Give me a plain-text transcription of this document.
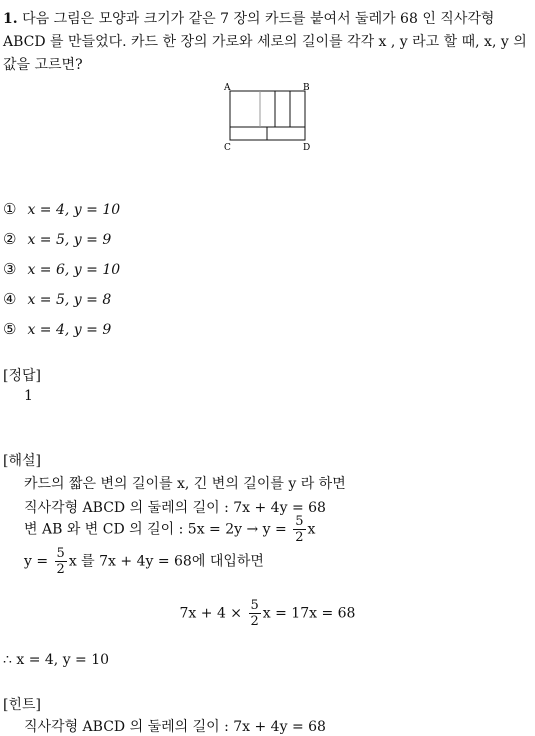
1. 다음 그림은 모양과 크기가 같은 7 장의 카드를 붙여서 둘레가 68 인 직사각형 ABCD 를 만들었다. 카드 한 장의 가로와 세로의 길이를 각각 x , y 라고 할 때, x, y 의 값을 고르면?
A	B
C	D
① x = 4, y = 10
② x = 5, y = 9
③ x = 6, y = 10
④ x = 5, y = 8
⑤ x = 4, y = 9
[정답]
1
[해설]
카드의 짧은 변의 길이를 x, 긴 변의 길이를 y 라 하면
직사각형 ABCD 의 둘레의 길이 : 7x + 4y = 68
변 AB 와 변 CD 의 길이 : $5x = 2y \to y = \frac{5}{2}$ x
$y = \frac{5}{2}$ x 를 7x + 4y = 68에 대입하면
$7x + 4 \times \frac{5}{2}$ x = 17x = 68
∴ x = 4, y = 10
[힌트]
직사각형 ABCD 의 둘레의 길이 : 7x + 4y = 68
